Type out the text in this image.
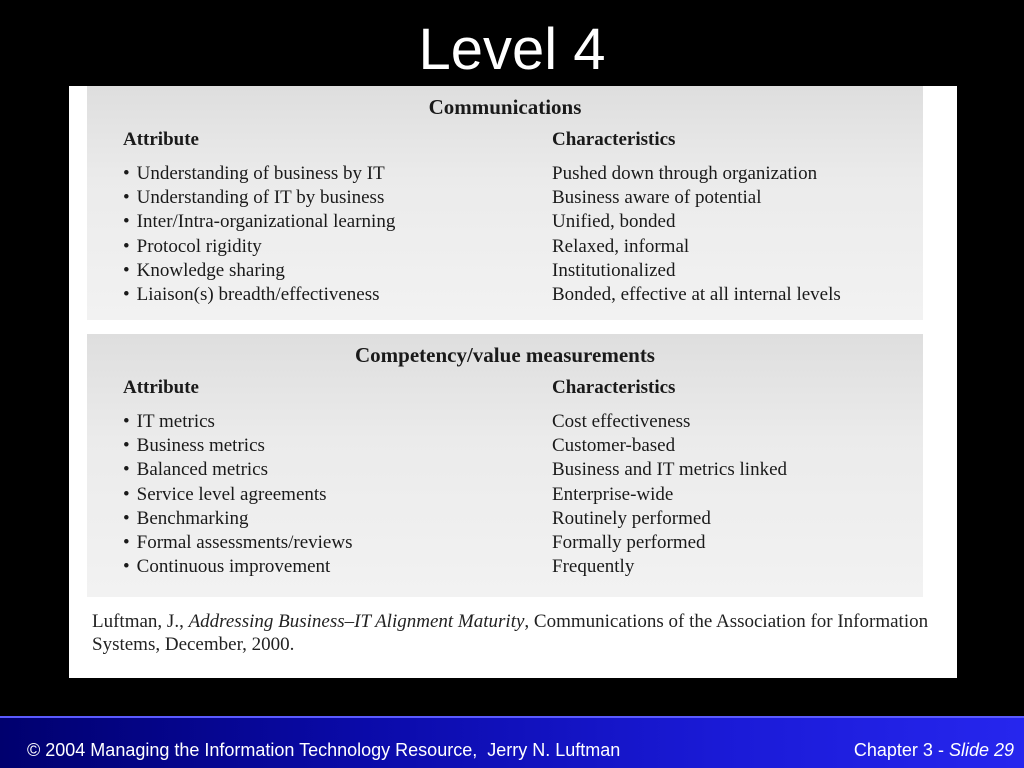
Level 4
Communications
Attribute	Characteristics
• Understanding of business by IT	Pushed down through organization
• Understanding of IT by business	Business aware of potential
• Inter/Intra-organizational learning	Unified, bonded
• Protocol rigidity	Relaxed, informal
• Knowledge sharing	Institutionalized
• Liaison(s) breadth/effectiveness	Bonded, effective at all internal levels
Competency/value measurements
Attribute	Characteristics
• IT metrics	Cost effectiveness
• Business metrics	Customer-based
• Balanced metrics	Business and IT metrics linked
• Service level agreements	Enterprise-wide
• Benchmarking	Routinely performed
• Formal assessments/reviews	Formally performed
• Continuous improvement	Frequently
Luftman, J., Addressing Business–IT Alignment Maturity, Communications of the Association for Information Systems, December, 2000.
© 2004 Managing the Information Technology Resource,  Jerry N. Luftman	Chapter 3 - Slide 29
